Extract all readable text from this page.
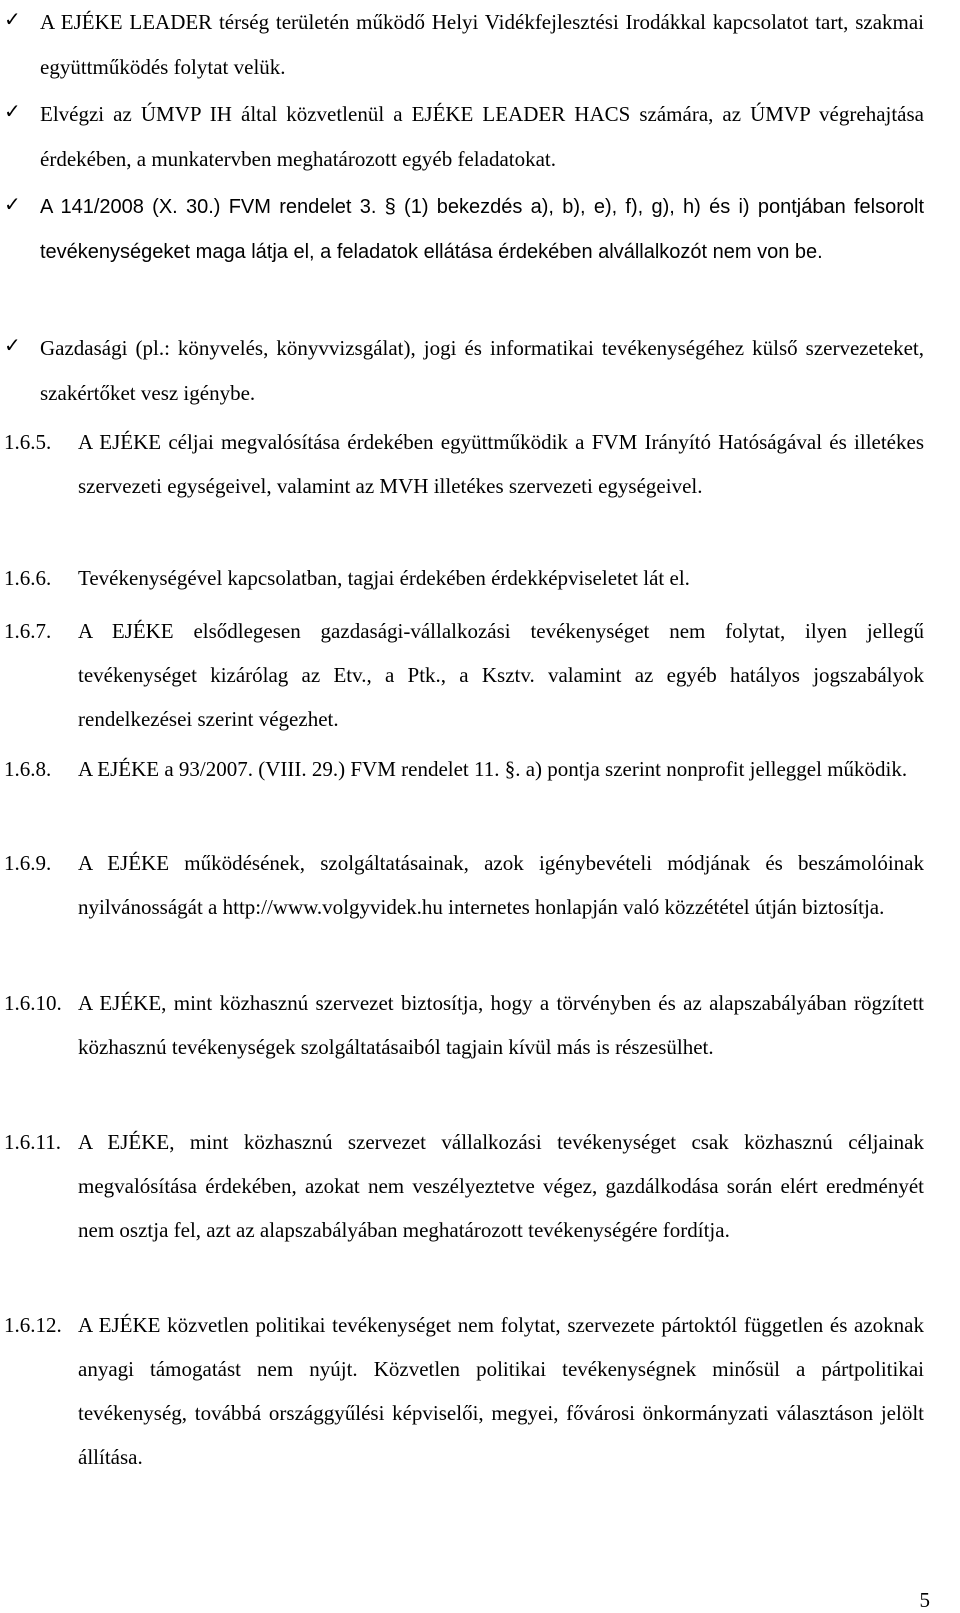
✓ A EJÉKE LEADER térség területén működő Helyi Vidékfejlesztési Irodákkal kapcsolatot tart, szakmai együttműködés folytat velük.
✓ Elvégzi az ÚMVP IH által közvetlenül a EJÉKE LEADER HACS számára, az ÚMVP végrehajtása érdekében, a munkatervben meghatározott egyéb feladatokat.
✓ A 141/2008 (X. 30.) FVM rendelet 3. § (1) bekezdés a), b), e), f), g), h) és i) pontjában felsorolt tevékenységeket maga látja el, a feladatok ellátása érdekében alvállalkozót nem von be.
✓ Gazdasági (pl.: könyvelés, könyvvizsgálat), jogi és informatikai tevékenységéhez külső szervezeteket, szakértőket vesz igénybe.
1.6.5. A EJÉKE céljai megvalósítása érdekében együttműködik a FVM Irányító Hatóságával és illetékes szervezeti egységeivel, valamint az MVH illetékes szervezeti egységeivel.
1.6.6. Tevékenységével kapcsolatban, tagjai érdekében érdekképviseletet lát el.
1.6.7. A EJÉKE elsődlegesen gazdasági-vállalkozási tevékenységet nem folytat, ilyen jellegű tevékenységet kizárólag az Etv., a Ptk., a Ksztv. valamint az egyéb hatályos jogszabályok rendelkezései szerint végezhet.
1.6.8. A EJÉKE a 93/2007. (VIII. 29.) FVM rendelet 11. §. a) pontja szerint nonprofit jelleggel működik.
1.6.9. A EJÉKE működésének, szolgáltatásainak, azok igénybevételi módjának és beszámolóinak nyilvánosságát a http://www.volgyvidek.hu internetes honlapján való közzététel útján biztosítja.
1.6.10. A EJÉKE, mint közhasznú szervezet biztosítja, hogy a törvényben és az alapszabályában rögzített közhasznú tevékenységek szolgáltatásaiból tagjain kívül más is részesülhet.
1.6.11. A EJÉKE, mint közhasznú szervezet vállalkozási tevékenységet csak közhasznú céljainak megvalósítása érdekében, azokat nem veszélyeztetve végez, gazdálkodása során elért eredményét nem osztja fel, azt az alapszabályában meghatározott tevékenységére fordítja.
1.6.12. A EJÉKE közvetlen politikai tevékenységet nem folytat, szervezete pártoktól független és azoknak anyagi támogatást nem nyújt. Közvetlen politikai tevékenységnek minősül a pártpolitikai tevékenység, továbbá országgyűlési képviselői, megyei, fővárosi önkormányzati választáson jelölt állítása.
5
